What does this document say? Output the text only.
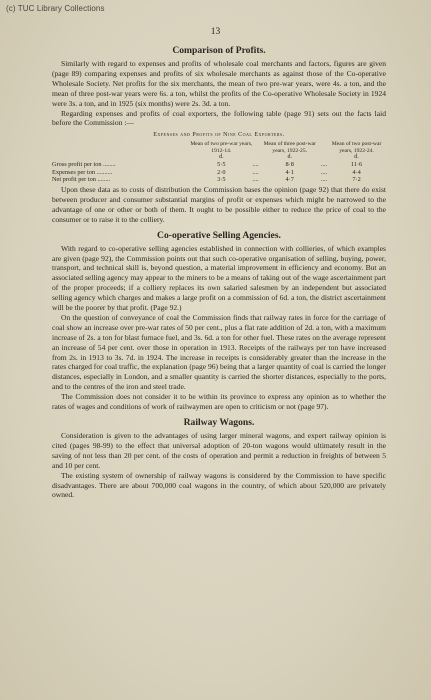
(c) TUC Library Collections
13
Comparison of Profits.

Similarly with regard to expenses and profits of wholesale coal merchants and factors, figures are given (page 89) comparing expenses and profits of six wholesale merchants as against those of the Co-operative Wholesale Society. Net profits for the six merchants, the mean of two pre-war years, were 4s. a ton, and the mean of three post-war years were 6s. a ton, whilst the profits of the Co-operative Wholesale Society in 1924 were 3s. a ton, and in 1925 (six months) were 2s. 3d. a ton.

Regarding expenses and profits of coal exporters, the following table (page 91) sets out the facts laid before the Commission :—

Expenses and Profits of Nine Coal Exporters.
	Mean of two pre-war years, 1912-14.		Mean of three post-war years, 1922-25.		Mean of two post-war years, 1922-24.
	d.		d.		d.
Gross profit per ton ........	5·5	....	8·8	....	11·6
Expenses per ton ..........	2·0	....	4·1	....	4·4
Net profit per ton ........	3·5	....	4·7	....	7·2

Upon these data as to costs of distribution the Commission bases the opinion (page 92) that there do exist between producer and consumer substantial margins of profit or expenses which might be narrowed to the advantage of one or other or both of them. It ought to be possible either to reduce the price of coal to the consumer or to raise it to the colliery.

Co-operative Selling Agencies.

With regard to co-operative selling agencies established in connection with collieries, of which examples are given (page 92), the Commission points out that such co-operative organisation of selling, buying, power, transport, and technical skill is, beyond question, a material improvement in efficiency and economy. But an associated selling agency may appear to the miners to be a means of taking out of the wage ascertainment part of the proper proceeds; if a colliery replaces its own salaried salesmen by an independent but associated selling agency which charges and makes a large profit on a commission of 6d. a ton, the district ascertainment will be the poorer by that profit. (Page 92.)

On the question of conveyance of coal the Commission finds that railway rates in force for the carriage of coal show an increase over pre-war rates of 50 per cent., plus a flat rate addition of 2d. a ton, with a maximum increase of 2s. a ton for blast furnace fuel, and 3s. 6d. a ton for other fuel. These rates on the average represent an increase of 54 per cent. over those in operation in 1913. Receipts of the railways per ton have increased from 2s. in 1913 to 3s. 7d. in 1924. The increase in receipts is considerably greater than the increase in the rates charged for coal traffic, the explanation (page 96) being that a larger quantity of coal is carried the longer distances, especially in London, and a smaller quantity is carried the shorter distances, especially to the ports, and to the centres of the iron and steel trade.

The Commission does not consider it to be within its province to express any opinion as to whether the rates of wages and conditions of work of railwaymen are open to criticism or not (page 97).

Railway Wagons.

Consideration is given to the advantages of using larger mineral wagons, and expert railway opinion is cited (pages 98-99) to the effect that universal adoption of 20-ton wagons would ultimately result in the saving of not less than 20 per cent. of the costs of operation and permit a reduction in freights of between 5 and 10 per cent.

The existing system of ownership of railway wagons is considered by the Commission to have specific disadvantages. There are about 700,000 coal wagons in the country, of which about 520,000 are privately owned.
